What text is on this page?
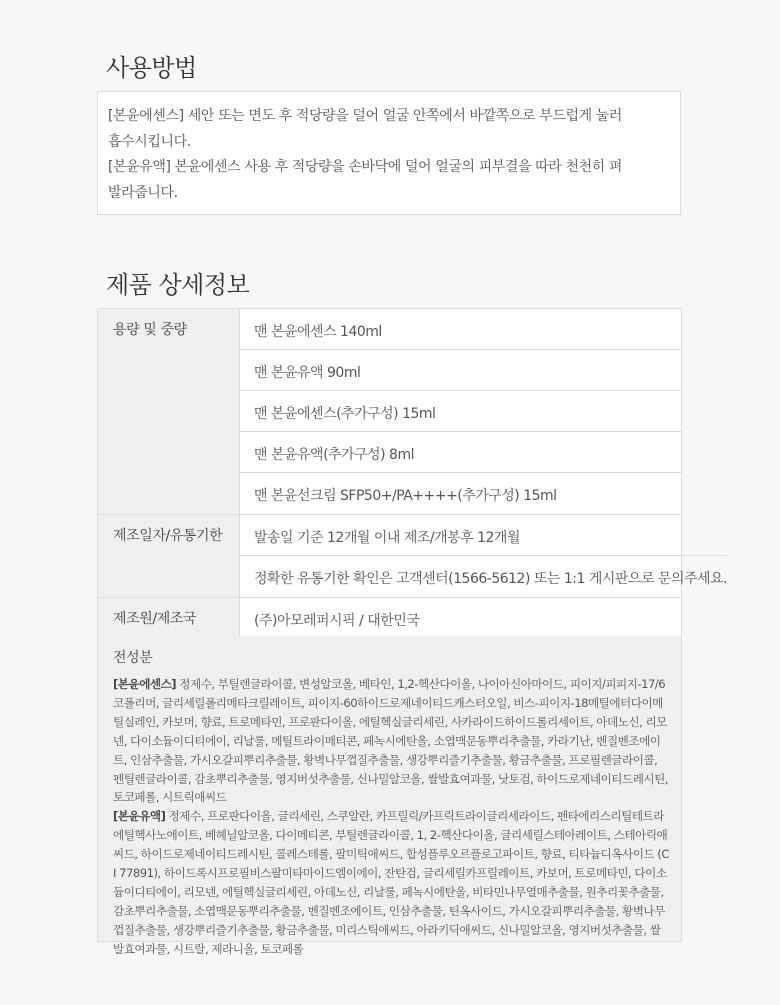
사용방법

[본윤에센스] 세안 또는 면도 후 적당량을 덜어 얼굴 안쪽에서 바깥쪽으로 부드럽게 눌러

흡수시킵니다.

[본윤유액] 본윤에센스 사용 후 적당량을 손바닥에 덜어 얼굴의 피부결을 따라 천천히 펴

발라줍니다.

제품 상세정보
용량 및 중량	맨 본윤에센스 140ml
맨 본윤유액 90ml
맨 본윤에센스(추가구성) 15ml
맨 본윤유액(추가구성) 8ml
맨 본윤선크림 SFP50+/PA++++(추가구성) 15ml
제조일자/유통기한	발송일 기준 12개월 이내 제조/개봉후 12개월
정확한 유통기한 확인은 고객센터(1566-5612) 또는 1:1 게시판으로 문의주세요.
제조원/제조국	(주)아모레퍼시픽 / 대한민국
전성분

[본윤에센스] 정제수, 부틸렌글라이콜, 변성알코올, 베타인, 1,2-헥산다이올, 나이아신아마이드, 피이지/피피지-17/6코폴리머, 글리세릴폴리메타크릴레이트, 피이지-60하이드로제네이티드캐스터오일, 비스-피이지-18메틸에터다이메틸실레인, 카보머, 향료, 트로메타민, 프로판다이올, 에틸헥실글리세린, 사카라이드하이드롤리세이트, 아데노신, 리모넨, 다이소듐이디티에이, 리날룰, 메틸트라이메티콘, 페녹시에탄올, 소엽맥문동뿌리추출물, 카라기난, 벤질벤조에이트, 인삼추출물, 가시오갈피뿌리추출물, 황벽나무껍질추출물, 생강뿌리즐기추출물, 황금추출물, 프로필렌글라이콜, 펜틸렌글라이콜, 감초뿌리추출물, 영지버섯추출물, 신나밀알코올, 쌀발효여과물, 낫토검, 하이드로제네이티드레시틴, 토코페롤, 시트릭애씨드

[본윤유액] 정제수, 프로판다이올, 글리세린, 스쿠알란, 카프릴릭/카프릭트라이글리세라이드, 펜타에리스리틸테트라에틸헥사노에이트, 베헤닐알코올, 다이메티콘, 부틸렌글라이콜, 1, 2-헥산다이올, 글리세릴스테아레이트, 스테아릭애씨드, 하이드로제네이티드레시틴, 콜레스테롤, 팔미틱애씨드, 합성플루오르플로고파이트, 향료, 티타늄디옥사이드 (CI 77891), 하이드록시프로필비스팔미타마이드엠이에이, 잔탄검, 글리세릴카프릴레이트, 카보머, 트로메타민, 다이소듐이디티에이, 리모넨, 에틸헥실글리세린, 아데노신, 리날룰, 페녹시에탄올, 비타민나무열매추출물, 원추리꽃추출물, 감초뿌리추출물, 소엽맥문동뿌리추출물, 벤질벤조에이트, 인삼추출물, 틴옥사이드, 가시오갈피뿌리추출물, 황벽나무껍질추출물, 생강뿌리즐기추출물, 황금추출물, 미리스틱애씨드, 아라키딕애씨드, 신나밀알코올, 영지버섯추출물, 쌀발효여과물, 시트랄, 제라니올, 토코페롤
